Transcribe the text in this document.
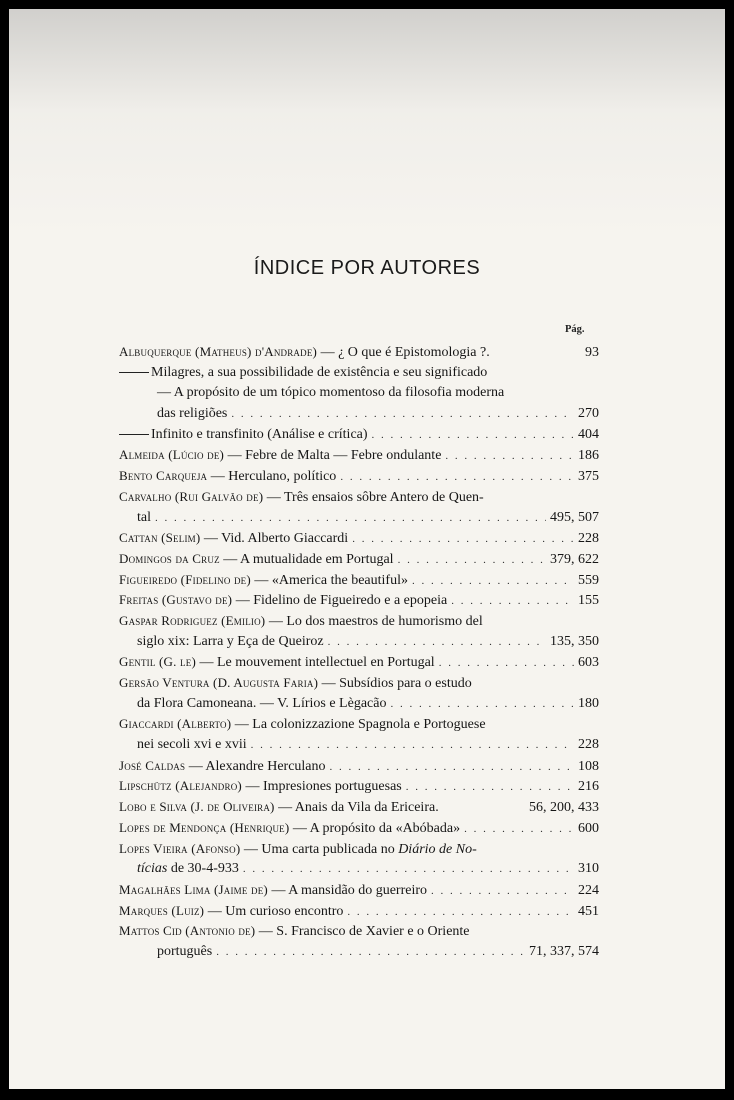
ÍNDICE POR AUTORES
Pág.
Albuquerque (Matheus) d'Andrade) — ¿ O que é Epistomologia ?.	93
Milagres, a sua possibilidade de existência e seu significado
— A propósito de um tópico momentoso da filosofia moderna
das religiões . . .	270
Infinito e transfinito (Análise e crítica) . . .	404
Almeida (Lúcio de) — Febre de Malta — Febre ondulante . . .	186
Bento Carqueja — Herculano, político . . .	375
Carvalho (Rui Galvão de) — Três ensaios sôbre Antero de Quen-
tal . . .	495, 507
Cattan (Selim) — Vid. Alberto Giaccardi . . .	228
Domingos da Cruz — A mutualidade em Portugal . . .	379, 622
Figueiredo (Fidelino de) — «America the beautiful» . . .	559
Freitas (Gustavo de) — Fidelino de Figueiredo e a epopeia . . .	155
Gaspar Rodriguez (Emilio) — Lo dos maestros de humorismo del
siglo xix: Larra y Eça de Queiroz . . .	135, 350
Gentil (G. le) — Le mouvement intellectuel en Portugal . . .	603
Gersão Ventura (D. Augusta Faria) — Subsídios para o estudo
da Flora Camoneana. — V. Lírios e Lègacão . . .	180
Giaccardi (Alberto) — La colonizzazione Spagnola e Portoguese
nei secoli xvi e xvii . . .	228
José Caldas — Alexandre Herculano . . .	108
Lipschütz (Alejandro) — Impresiones portuguesas . . .	216
Lobo e Silva (J. de Oliveira) — Anais da Vila da Ericeira.	56, 200, 433
Lopes de Mendonça (Henrique) — A propósito da «Abóbada» . . .	600
Lopes Vieira (Afonso) — Uma carta publicada no Diário de No-
tícias de 30-4-933 . . .	310
Magalhães Lima (Jaime de) — A mansidão do guerreiro . . .	224
Marques (Luiz) — Um curioso encontro . . .	451
Mattos Cid (Antonio de) — S. Francisco de Xavier e o Oriente
português . . .	71, 337, 574
